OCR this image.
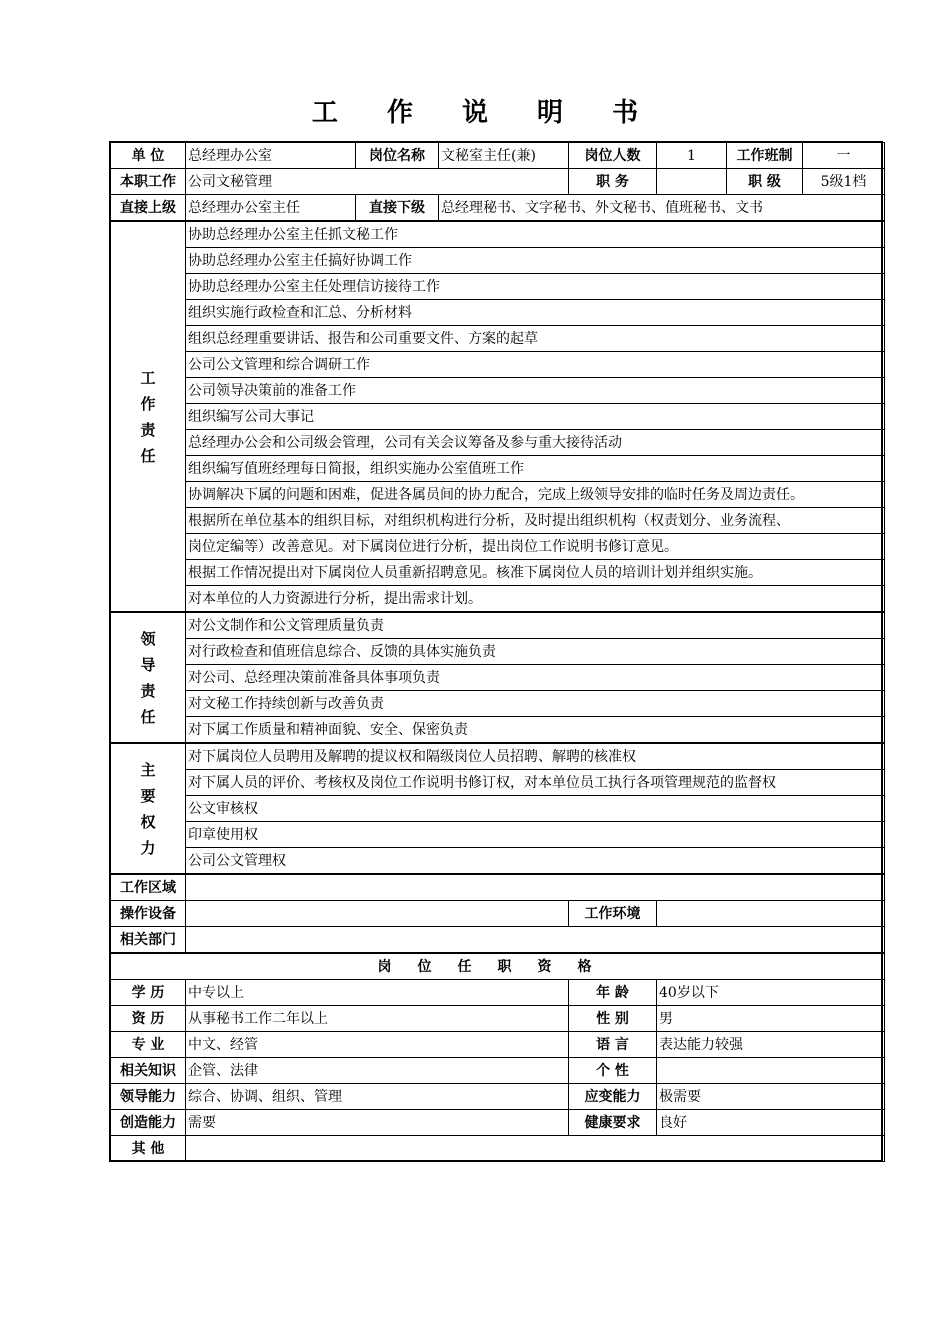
工 作 说 明 书
单 位	总经理办公室	岗位名称	文秘室主任(兼)	岗位人数	1	工作班制	一
本职工作	公司文秘管理			职 务		职 级	5级1档
直接上级	总经理办公室主任	直接下级	总经理秘书、文字秘书、外文秘书、值班秘书、文书				

工
作
责
任	协助总经理办公室主任抓文秘工作						
	协助总经理办公室主任搞好协调工作						
	协助总经理办公室主任处理信访接待工作						
	组织实施行政检查和汇总、分析材料						
	组织总经理重要讲话、报告和公司重要文件、方案的起草						
	公司公文管理和综合调研工作						
	公司领导决策前的准备工作						
	组织编写公司大事记						
	总经理办公会和公司级会管理，公司有关会议筹备及参与重大接待活动						
	组织编写值班经理每日简报，组织实施办公室值班工作						
	协调解决下属的问题和困难，促进各属员间的协力配合，完成上级领导安排的临时任务及周边责任。						
	根据所在单位基本的组织目标，对组织机构进行分析，及时提出组织机构（权责划分、业务流程、						
	岗位定编等）改善意见。对下属岗位进行分析，提出岗位工作说明书修订意见。						
	根据工作情况提出对下属岗位人员重新招聘意见。核准下属岗位人员的培训计划并组织实施。						
	对本单位的人力资源进行分析，提出需求计划。						

领
导
责
任	对公文制作和公文管理质量负责						
	对行政检查和值班信息综合、反馈的具体实施负责						
	对公司、总经理决策前准备具体事项负责						
	对文秘工作持续创新与改善负责						
	对下属工作质量和精神面貌、安全、保密负责						

主
要
权
力	对下属岗位人员聘用及解聘的提议权和隔级岗位人员招聘、解聘的核准权						
	对下属人员的评价、考核权及岗位工作说明书修订权，对本单位员工执行各项管理规范的监督权						
	公文审核权						
	印章使用权						
	公司公文管理权						
工作区域							
操作设备				工作环境			
相关部门							
岗位任职资格							
学 历	中专以上			年 龄	40岁以下		
资 历	从事秘书工作二年以上			性 别	男		
专 业	中文、经管			语 言	表达能力较强		
相关知识	企管、法律			个 性			
领导能力	综合、协调、组织、管理			应变能力	极需要		
创造能力	需要			健康要求	良好		
其 他							
